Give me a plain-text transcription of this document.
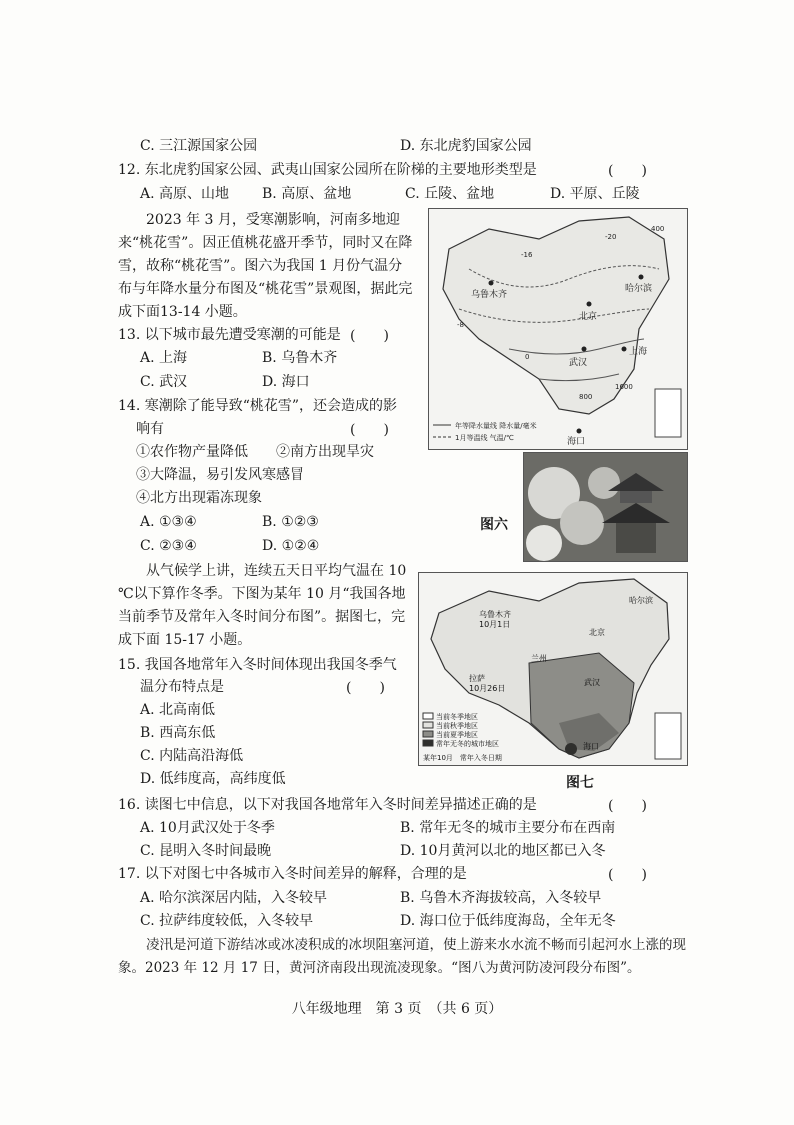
C. 三江源国家公园	D. 东北虎豹国家公园
12. 东北虎豹国家公园、武夷山国家公园所在阶梯的主要地形类型是	(　　)
A. 高原、山地 B. 高原、盆地	C. 丘陵、盆地	D. 平原、丘陵
2023 年 3 月，受寒潮影响，河南多地迎来“桃花雪”。因正值桃花盛开季节，同时又在降雪，故称“桃花雪”。图六为我国 1 月份气温分布与年降水量分布图及“桃花雪”景观图，据此完成下面13-14 小题。
13. 以下城市最先遭受寒潮的可能是 (　　)
A. 上海	B. 乌鲁木齐
C. 武汉	D. 海口
14. 寒潮除了能导致“桃花雪”，还会造成的影
响有	(　　)
①农作物产量降低 ②南方出现旱灾
③大降温，易引发风寒感冒
④北方出现霜冻现象
A. ①③④	B. ①②③
C. ②③④	D. ①②④
乌鲁木齐
北京
武汉
上海
哈尔滨
海口
400
-16
-8
0
800
1600
-20
年等降水量线 降水量/毫米
1月等温线 气温/℃
图六
从气候学上讲，连续五天日平均气温在 10 ℃以下算作冬季。下图为某年 10 月“我国各地当前季节及常年入冬时间分布图”。据图七，完成下面 15-17 小题。
15. 我国各地常年入冬时间体现出我国冬季气
温分布特点是	(　　)
A. 北高南低
B. 西高东低
C. 内陆高沿海低
D. 低纬度高，高纬度低
乌鲁木齐
10月1日
哈尔滨
北京
兰州
拉萨
10月26日
武汉
海口
当前冬季地区
当前秋季地区
当前夏季地区
常年无冬的城市地区
某年10月　常年入冬日期
图七
16. 读图七中信息，以下对我国各地常年入冬时间差异描述正确的是	(　　)
A. 10月武汉处于冬季	B. 常年无冬的城市主要分布在西南
C. 昆明入冬时间最晚	D. 10月黄河以北的地区都已入冬
17. 以下对图七中各城市入冬时间差异的解释，合理的是	(　　)
A. 哈尔滨深居内陆，入冬较早	B. 乌鲁木齐海拔较高，入冬较早
C. 拉萨纬度较低，入冬较早	D. 海口位于低纬度海岛，全年无冬
凌汛是河道下游结冰或冰凌积成的冰坝阻塞河道，使上游来水水流不畅而引起河水上涨的现象。2023 年 12 月 17 日，黄河济南段出现流凌现象。“图八为黄河防凌河段分布图”。
八年级地理　第 3 页　（共 6 页）
